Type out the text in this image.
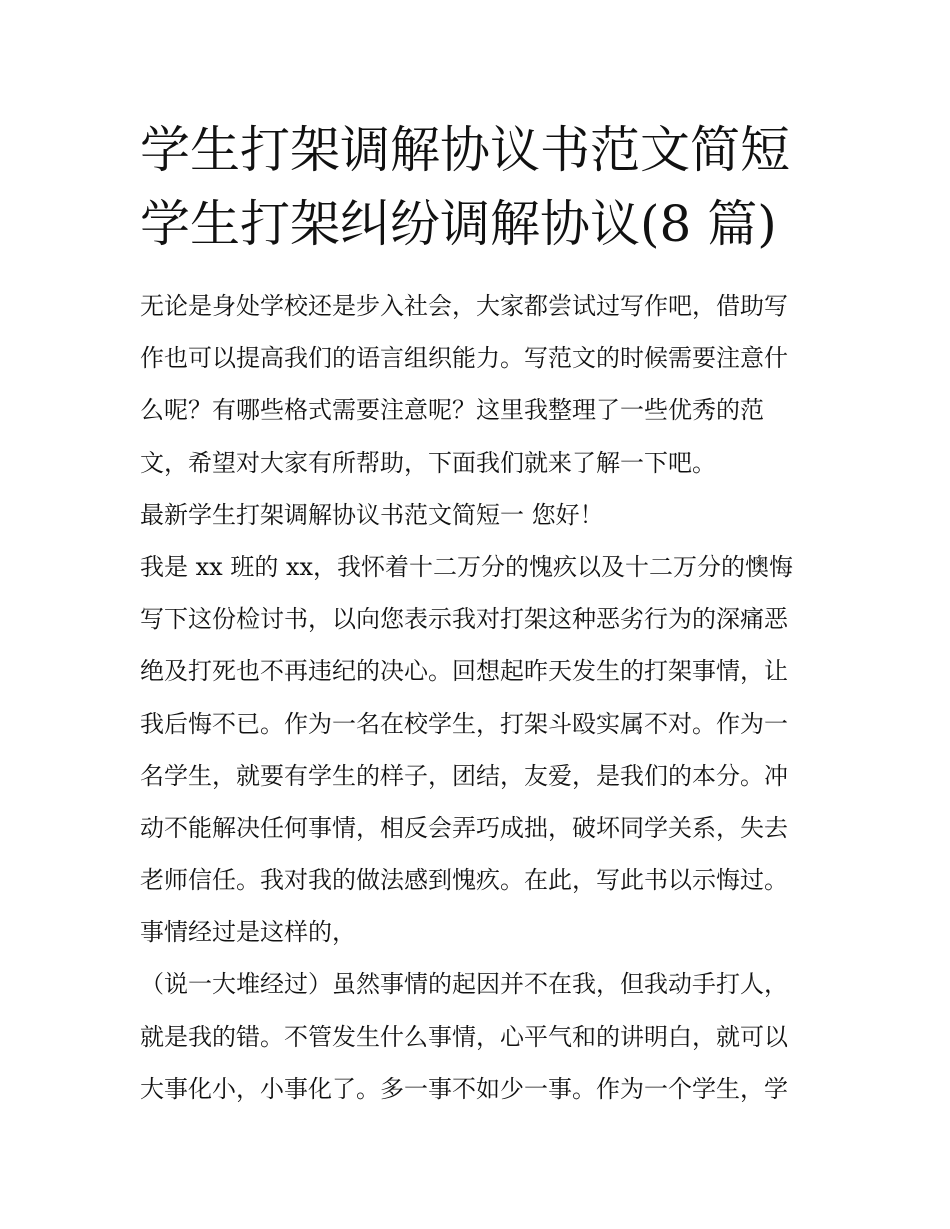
学生打架调解协议书范文简短
学生打架纠纷调解协议(8 篇)
无论是身处学校还是步入社会，大家都尝试过写作吧，借助写
作也可以提高我们的语言组织能力。写范文的时候需要注意什
么呢？有哪些格式需要注意呢？这里我整理了一些优秀的范
文，希望对大家有所帮助，下面我们就来了解一下吧。
最新学生打架调解协议书范文简短一 您好！
我是 xx 班的 xx，我怀着十二万分的愧疚以及十二万分的懊悔
写下这份检讨书，以向您表示我对打架这种恶劣行为的深痛恶
绝及打死也不再违纪的决心。回想起昨天发生的打架事情，让
我后悔不已。作为一名在校学生，打架斗殴实属不对。作为一
名学生，就要有学生的样子，团结，友爱，是我们的本分。冲
动不能解决任何事情，相反会弄巧成拙，破坏同学关系，失去
老师信任。我对我的做法感到愧疚。在此，写此书以示悔过。
事情经过是这样的，
（说一大堆经过）虽然事情的起因并不在我，但我动手打人，
就是我的错。不管发生什么事情，心平气和的讲明白，就可以
大事化小，小事化了。多一事不如少一事。作为一个学生，学
